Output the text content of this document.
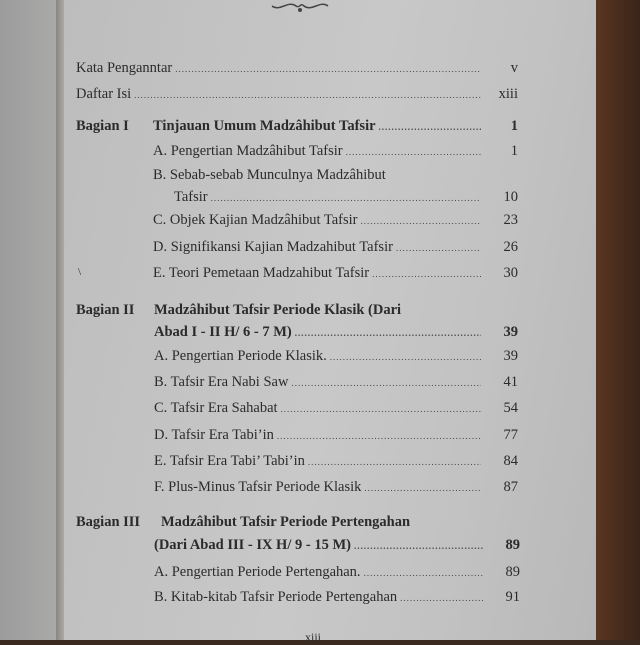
Kata Penganntar .....	v
Daftar Isi .....	xiii
Bagian I Tinjauan Umum Madzâhibut Tafsir .....	1
A. Pengertian Madzâhibut Tafsir .....	1
B. Sebab-sebab Munculnya Madzâhibut
Tafsir .....	10
C. Objek Kajian Madzâhibut Tafsir .....	23
D. Signifikansi Kajian Madzahibut Tafsir .....	26
\	E. Teori Pemetaan Madzahibut Tafsir .....	30
Bagian II Madzâhibut Tafsir Periode Klasik (Dari
Abad I - II H/ 6 - 7 M) .....	39
A. Pengertian Periode Klasik. .....	39
B. Tafsir Era Nabi Saw .....	41
C. Tafsir Era Sahabat .....	54
D. Tafsir Era Tabi’in .....	77
E. Tafsir Era Tabi’ Tabi’in .....	84
F. Plus-Minus Tafsir Periode Klasik .....	87
Bagian III Madzâhibut Tafsir Periode Pertengahan
(Dari Abad III - IX H/ 9 - 15 M) .....	89
A. Pengertian Periode Pertengahan. .....	89
B. Kitab-kitab Tafsir Periode Pertengahan .....	91
xiii
